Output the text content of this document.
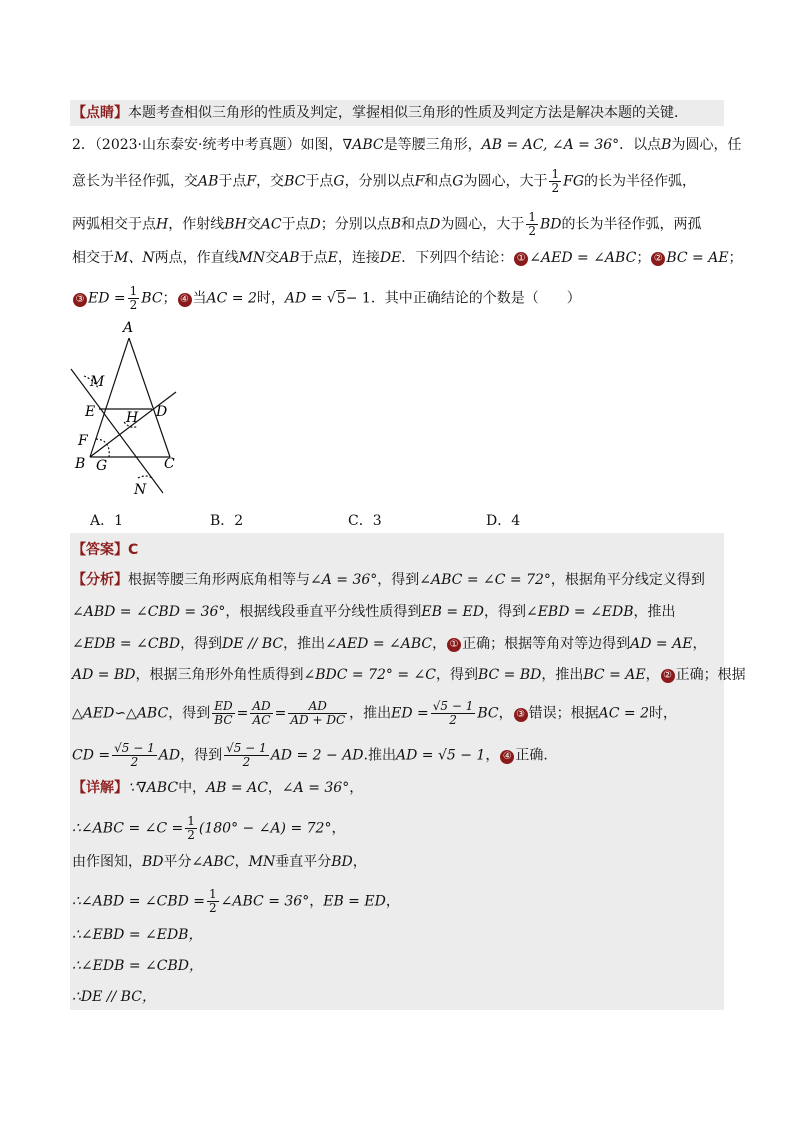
【点睛】本题考查相似三角形的性质及判定，掌握相似三角形的性质及判定方法是解决本题的关键．
2．（2023·山东泰安·统考中考真题）如图，∇ABC是等腰三角形，AB = AC, ∠A = 36°．以点B为圆心，任
意长为半径作弧，交AB于点F，交BC于点G，分别以点F和点G为圆心，大于 $\frac{1}{2}$ FG的长为半径作弧，
两弧相交于点H，作射线BH交AC于点D；分别以点B和点D为圆心，大于 $\frac{1}{2}$ BD的长为半径作弧，两孤
相交于M、N两点，作直线MN交AB于点E，连接DE．下列四个结论： ① ∠AED = ∠ABC； ② BC = AE；
③ ED = $\frac{1}{2}$ BC； ④ 当AC = 2时，AD = √5− 1．其中正确结论的个数是（　　）
A
M
E	D
H
F
B G	C
N
A．1	B．2	C．3	D．4
【答案】C
【分析】根据等腰三角形两底角相等与∠A = 36°，得到∠ABC = ∠C = 72°，根据角平分线定义得到
∠ABD = ∠CBD = 36°，根据线段垂直平分线性质得到EB = ED，得到∠EBD = ∠EDB，推出
∠EDB = ∠CBD，得到DE // BC，推出∠AED = ∠ABC， ① 正确；根据等角对等边得到AD = AE，
AD = BD，根据三角形外角性质得到∠BDC = 72° = ∠C，得到BC = BD，推出BC = AE， ② 正确；根据
△AED∽△ABC，得到 $\frac{ED}{BC} = \frac{AD}{AC} = \frac{AD}{AD + DC}$ ，推出ED = $\frac{√5 - 1}{2}$ BC， ③ 错误；根据AC = 2时，
CD = $\frac{√5 - 1}{2}$ AD，得到 $\frac{√5 - 1}{2}$ AD = 2 − AD.推出AD = √5 − 1， ④ 正确.
【详解】∵∇ABC中，AB = AC，∠A = 36°，
∴∠ABC = ∠C = $\frac{1}{2} (180^\circ$ − ∠A) = 72°，
由作图知，BD平分∠ABC，MN垂直平分BD，
∴∠ABD = ∠CBD = $\frac{1}{2}$ ∠ABC = 36°，EB = ED，
∴∠EBD = ∠EDB，
∴∠EDB = ∠CBD，
∴DE // BC，
